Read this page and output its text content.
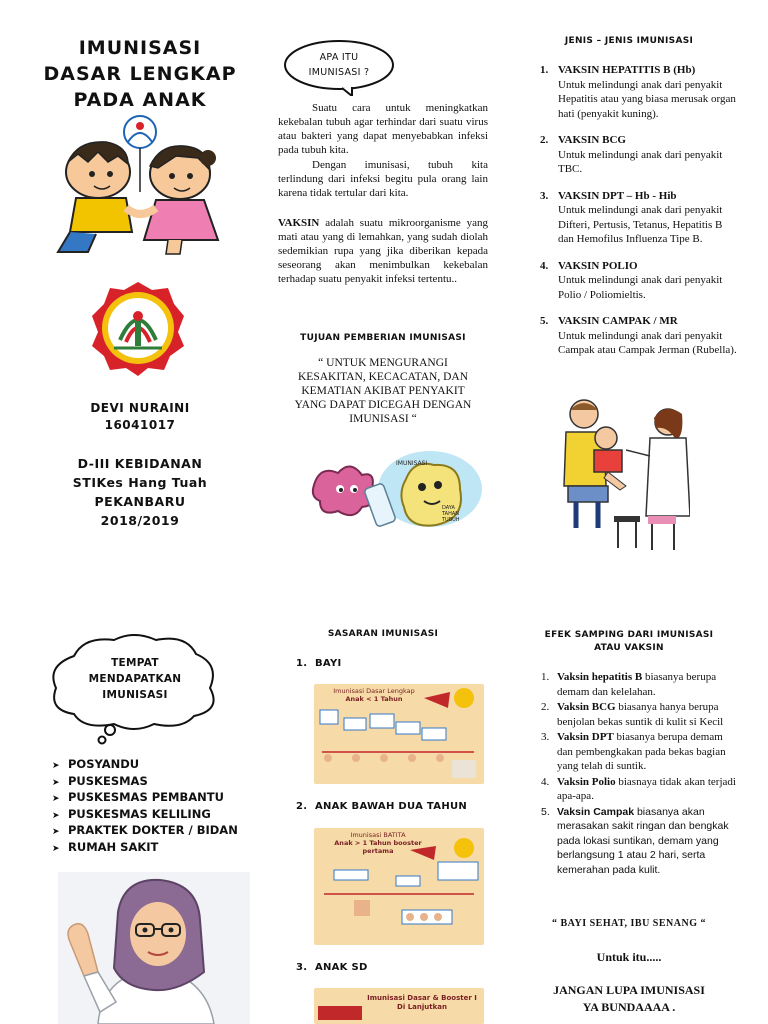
IMUNISASI
DASAR LENGKAP
PADA ANAK
DEVI NURAINI
16041017
D-III KEBIDANAN
STIKes Hang Tuah
PEKANBARU
2018/2019
TEMPAT
MENDAPATKAN
IMUNISASI
➤ POSYANDU
➤ PUSKESMAS
➤ PUSKESMAS PEMBANTU
➤ PUSKESMAS KELILING
➤ PRAKTEK DOKTER / BIDAN
➤ RUMAH SAKIT
APA ITU
IMUNISASI ?
Suatu cara untuk meningkatkan kekebalan tubuh agar terhindar dari suatu virus atau bakteri yang dapat menyebabkan infeksi pada tubuh kita.
Dengan imunisasi, tubuh kita terlindung dari infeksi begitu pula orang lain karena tidak tertular dari kita.
VAKSIN adalah suatu mikroorganisme yang mati atau yang di lemahkan, yang sudah diolah sedemikian rupa yang jika diberikan kepada seseorang akan menimbulkan kekebalan terhadap suatu penyakit infeksi tertentu..
TUJUAN PEMBERIAN IMUNISASI
“ UNTUK MENGURANGI
KESAKITAN, KECACATAN, DAN
KEMATIAN AKIBAT PENYAKIT
YANG DAPAT DICEGAH DENGAN
IMUNISASI “
IMUNISASI
DAYA
TAHAN
TUBUH
SASARAN IMUNISASI
1. BAYI
Imunisasi Dasar Lengkap
Anak < 1 Tahun
2. ANAK BAWAH DUA TAHUN
Imunisasi BATITA
Anak > 1 Tahun booster pertama
3. ANAK SD
Imunisasi Dasar & Booster I
Di Lanjutkan
JENIS – JENIS IMUNISASI
1. VAKSIN HEPATITIS B (Hb)
Untuk melindungi anak dari penyakit Hepatitis atau yang biasa merusak organ hati (penyakit kuning).
2. VAKSIN BCG
Untuk melindungi anak dari penyakit TBC.
3. VAKSIN DPT – Hb - Hib
Untuk melindungi anak dari penyakit Difteri, Pertusis, Tetanus, Hepatitis B dan Hemofilus Influenza Tipe B.
4. VAKSIN POLIO
Untuk melindungi anak dari penyakit Polio / Poliomieltis.
5. VAKSIN CAMPAK / MR
Untuk melindungi anak dari penyakit Campak atau Campak Jerman (Rubella).
EFEK SAMPING DARI IMUNISASI
ATAU VAKSIN
1. Vaksin hepatitis B biasanya berupa demam dan kelelahan.
2. Vaksin BCG biasanya hanya berupa benjolan bekas suntik di kulit si Kecil
3. Vaksin DPT biasanya berupa demam dan pembengkakan pada bekas bagian yang telah di suntik.
4. Vaksin Polio biasnaya tidak akan terjadi apa-apa.
5. Vaksin Campak biasanya akan merasakan sakit ringan dan bengkak pada lokasi suntikan, demam yang berlangsung 1 atau 2 hari, serta kemerahan pada kulit.
“ BAYI SEHAT, IBU SENANG “
Untuk itu.....
JANGAN LUPA IMUNISASI
YA BUNDAAAA .
